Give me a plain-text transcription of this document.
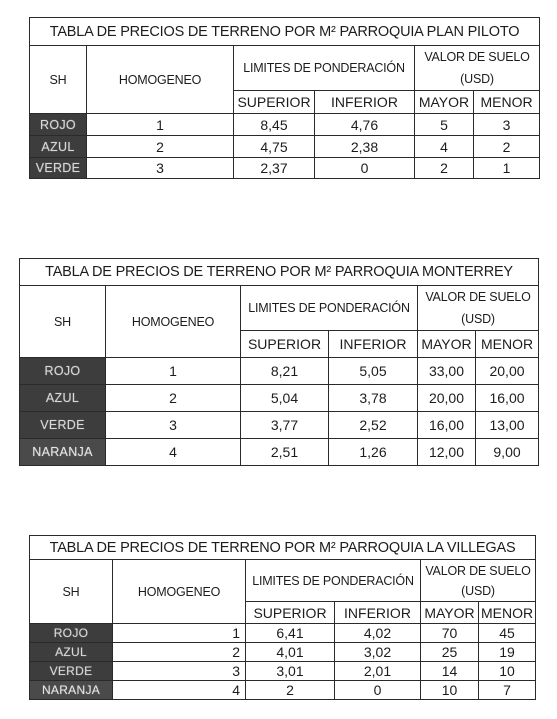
TABLA DE PRECIOS DE TERRENO POR M² PARROQUIA PLAN PILOTO					
SH	HOMOGENEO	LIMITES DE PONDERACIÓN		VALOR DE SUELO	
				(USD)	
		SUPERIOR	INFERIOR	MAYOR	MENOR
ROJO	1	8,45	4,76	5	3
AZUL	2	4,75	2,38	4	2
VERDE	3	2,37	0	2	1
TABLA DE PRECIOS DE TERRENO POR M² PARROQUIA MONTERREY					
SH	HOMOGENEO	LIMITES DE PONDERACIÓN		VALOR DE SUELO	
				(USD)	
		SUPERIOR	INFERIOR	MAYOR	MENOR
ROJO	1	8,21	5,05	33,00	20,00
AZUL	2	5,04	3,78	20,00	16,00
VERDE	3	3,77	2,52	16,00	13,00
NARANJA	4	2,51	1,26	12,00	9,00
TABLA DE PRECIOS DE TERRENO POR M² PARROQUIA LA VILLEGAS					
SH	HOMOGENEO	LIMITES DE PONDERACIÓN		VALOR DE SUELO	
				(USD)	
		SUPERIOR	INFERIOR	MAYOR	MENOR
ROJO	1	6,41	4,02	70	45
AZUL	2	4,01	3,02	25	19
VERDE	3	3,01	2,01	14	10
NARANJA	4	2	0	10	7
